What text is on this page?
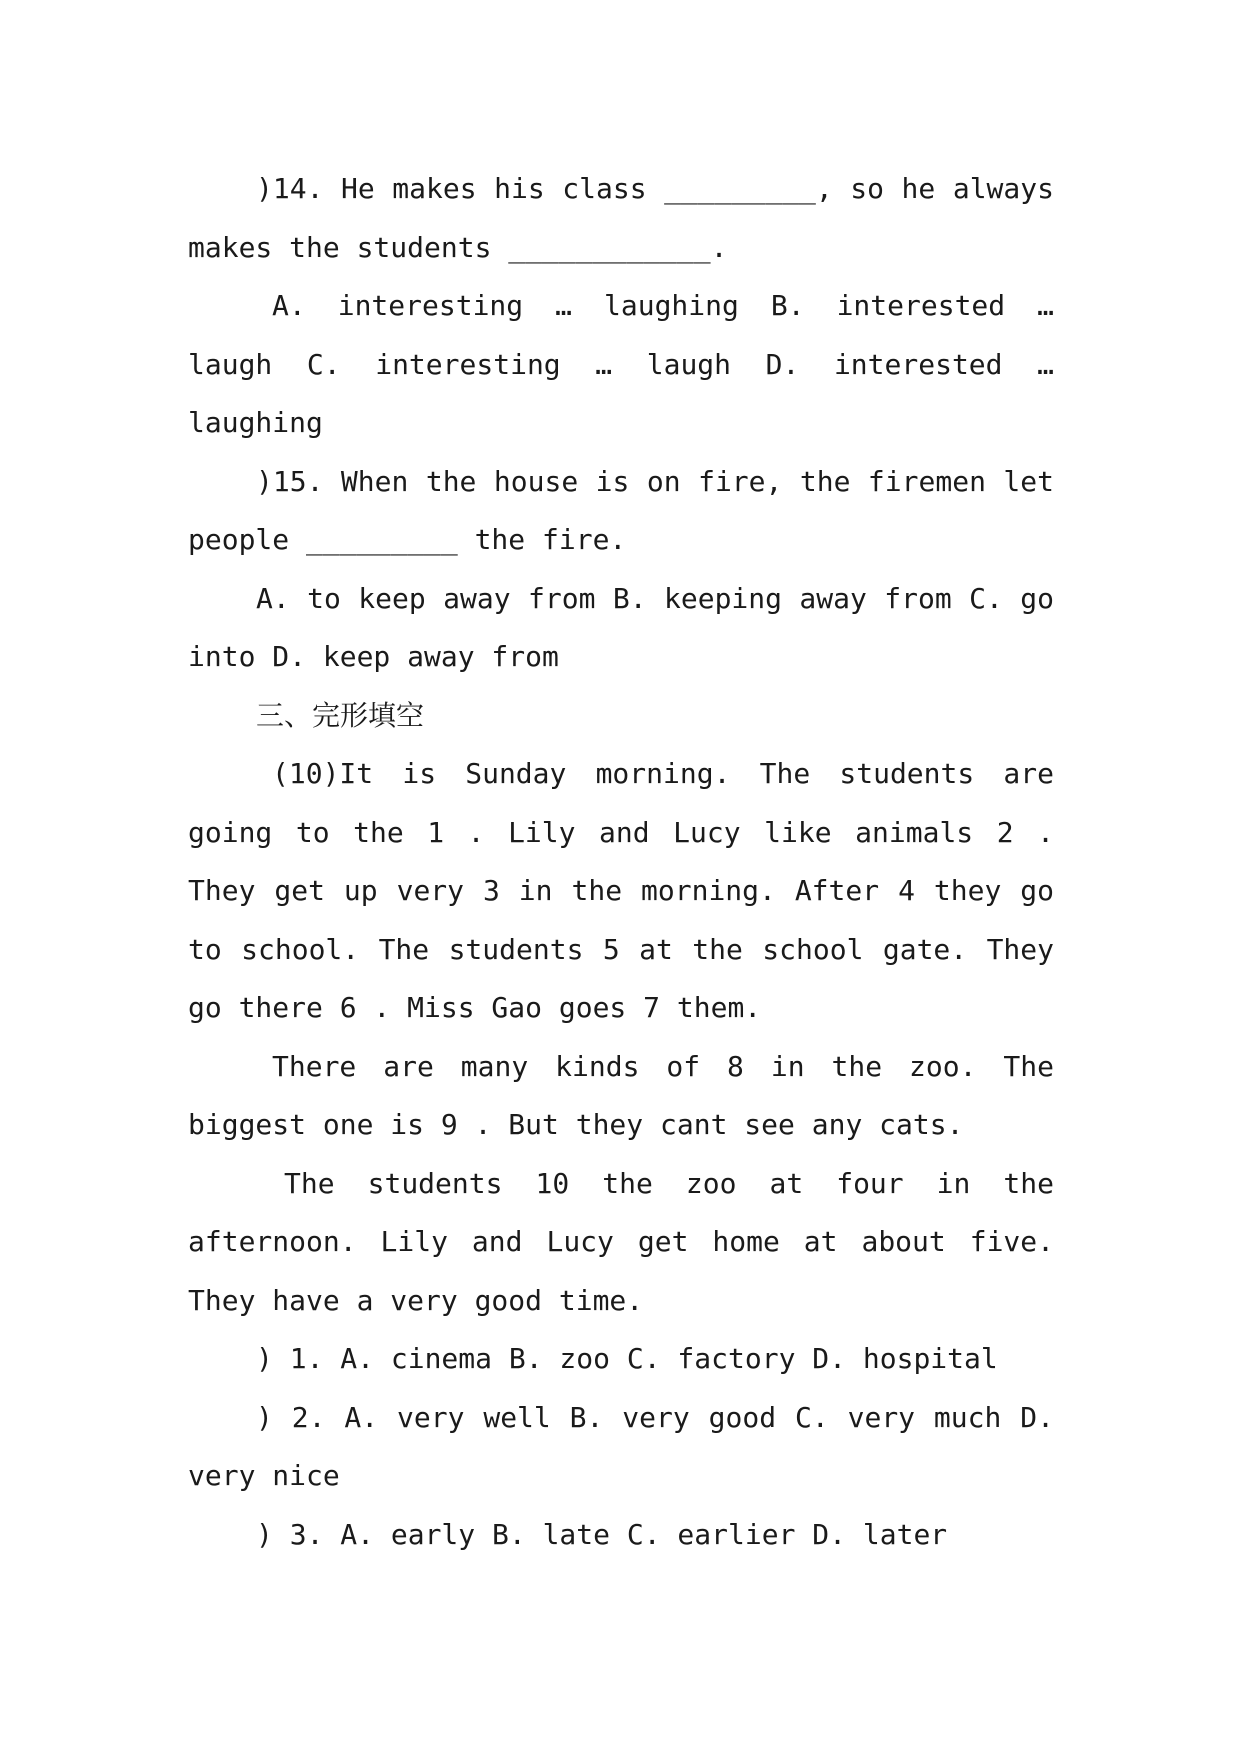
)14. He makes his class _________, so he always makes the students ____________.

A. interesting … laughing B. interested … laugh C. interesting … laugh D. interested … laughing

)15. When the house is on fire, the firemen let people _________ the fire.

A. to keep away from B. keeping away from C. go into D. keep away from

三、完形填空

(10)It is Sunday morning. The students are going to the 1 . Lily and Lucy like animals 2 . They get up very 3 in the morning. After 4 they go to school. The students 5 at the school gate. They go there 6 . Miss Gao goes 7 them.

There are many kinds of 8 in the zoo. The biggest one is 9 . But they cant see any cats.

The students 10 the zoo at four in the afternoon. Lily and Lucy get home at about five. They have a very good time.

) 1. A. cinema B. zoo C. factory D. hospital

) 2. A. very well B. very good C. very much D. very nice

) 3. A. early B. late C. earlier D. later
